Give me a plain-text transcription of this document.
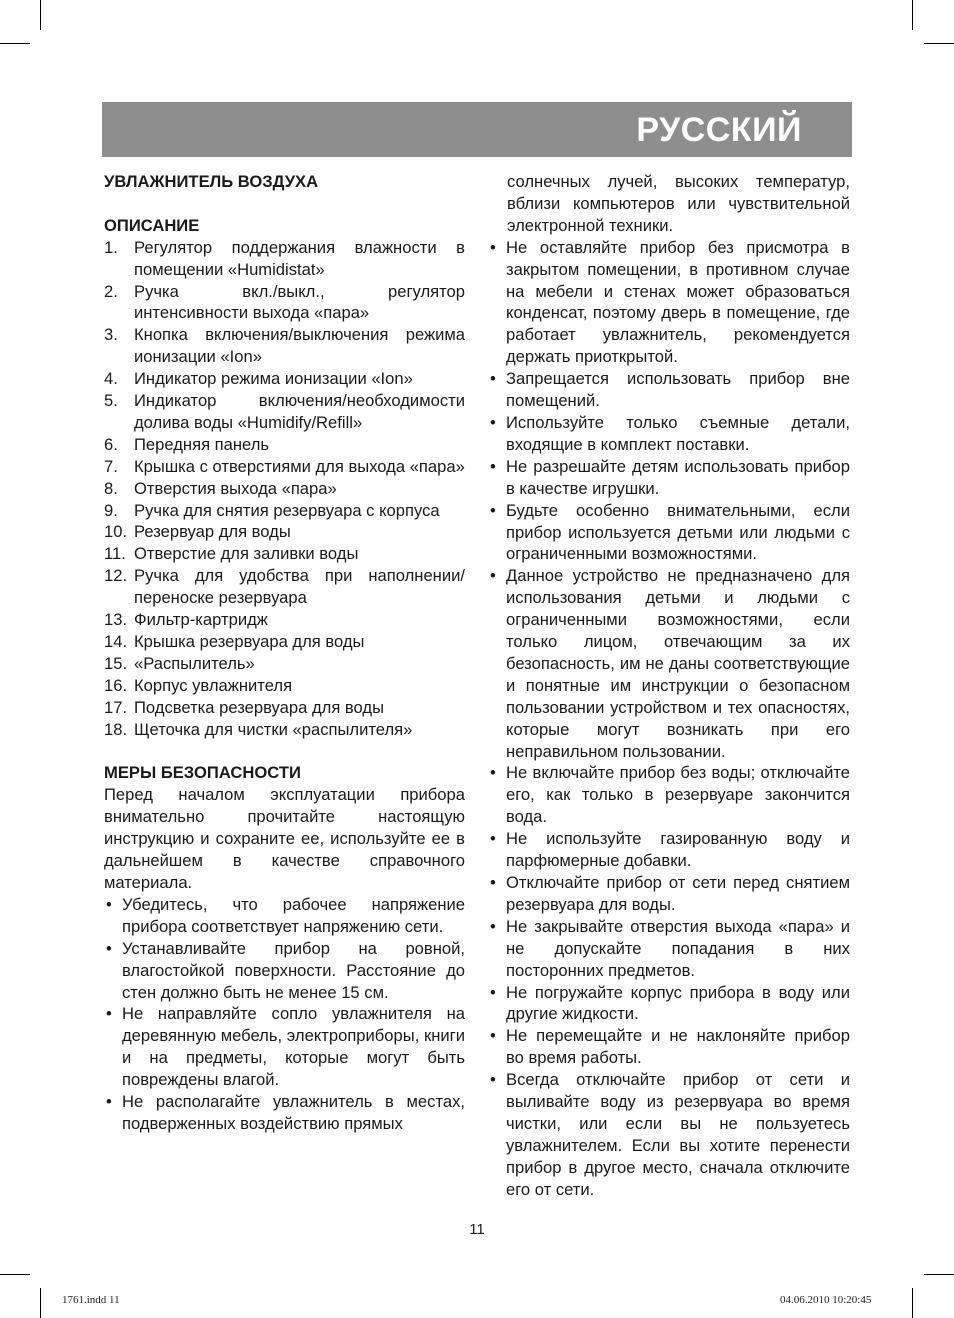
РУССКИЙ

УВЛАЖНИТЕЛЬ ВОЗДУХА

ОПИСАНИЕ

1. Регулятор поддержания влажности в помещении «Humidistat»
2. Ручка вкл./выкл., регулятор интенсивности выхода «пара»
3. Кнопка включения/выключения режима ионизации «Ion»
4. Индикатор режима ионизации «Ion»
5. Индикатор включения/необходимости долива воды «Humidify/Refill»
6. Передняя панель
7. Крышка с отверстиями для выхода «пара»
8. Отверстия выхода «пара»
9. Ручка для снятия резервуара с корпуса
10. Резервуар для воды
11. Отверстие для заливки воды
12. Ручка для удобства при наполнении/переноске резервуара
13. Фильтр-картридж
14. Крышка резервуара для воды
15. «Распылитель»
16. Корпус увлажнителя
17. Подсветка резервуара для воды
18. Щеточка для чистки «распылителя»

МЕРЫ БЕЗОПАСНОСТИ

Перед началом эксплуатации прибора внимательно прочитайте настоящую инструкцию и сохраните ее, используйте ее в дальнейшем в качестве справочного материала.

• Убедитесь, что рабочее напряжение прибора соответствует напряжению сети.
• Устанавливайте прибор на ровной, влагостойкой поверхности. Расстояние до стен должно быть не менее 15 см.
• Не направляйте сопло увлажнителя на деревянную мебель, электроприборы, книги и на предметы, которые могут быть повреждены влагой.
• Не располагайте увлажнитель в местах, подверженных воздействию прямых

солнечных лучей, высоких температур, вблизи компьютеров или чувствительной электронной техники.

• Не оставляйте прибор без присмотра в закрытом помещении, в противном случае на мебели и стенах может образоваться конденсат, поэтому дверь в помещение, где работает увлажнитель, рекомендуется держать приоткрытой.
• Запрещается использовать прибор вне помещений.
• Используйте только съемные детали, входящие в комплект поставки.
• Не разрешайте детям использовать прибор в качестве игрушки.
• Будьте особенно внимательными, если прибор используется детьми или людьми с ограниченными возможностями.
• Данное устройство не предназначено для использования детьми и людьми с ограниченными возможностями, если только лицом, отвечающим за их безопасность, им не даны соответствующие и понятные им инструкции о безопасном пользовании устройством и тех опасностях, которые могут возникать при его неправильном пользовании.
• Не включайте прибор без воды; отключайте его, как только в резервуаре закончится вода.
• Не используйте газированную воду и парфюмерные добавки.
• Отключайте прибор от сети перед снятием резервуара для воды.
• Не закрывайте отверстия выхода «пара» и не допускайте попадания в них посторонних предметов.
• Не погружайте корпус прибора в воду или другие жидкости.
• Не перемещайте и не наклоняйте прибор во время работы.
• Всегда отключайте прибор от сети и выливайте воду из резервуара во время чистки, или если вы не пользуетесь увлажнителем. Если вы хотите перенести прибор в другое место, сначала отключите его от сети.
11
1761.indd 11	04.06.2010 10:20:45
